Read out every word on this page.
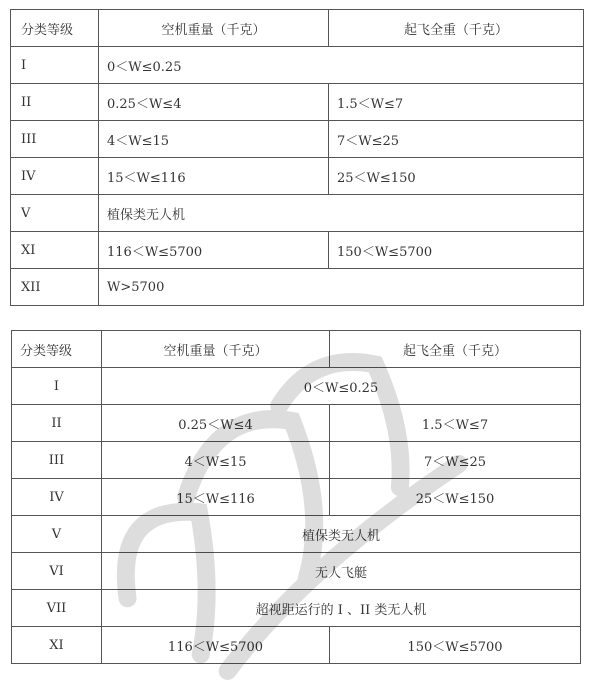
分类等级	空机重量（千克）	起飞全重（千克）
I	0＜W≤0.25	
II	0.25＜W≤4	1.5＜W≤7
III	4＜W≤15	7＜W≤25
IV	15＜W≤116	25＜W≤150
V	植保类无人机	
XI	116＜W≤5700	150＜W≤5700
XII	W>5700	
分类等级	空机重量（千克）	起飞全重（千克）
I	0＜W≤0.25	
II	0.25＜W≤4	1.5＜W≤7
III	4＜W≤15	7＜W≤25
IV	15＜W≤116	25＜W≤150
V	植保类无人机	
VI	无人飞艇	
VII	超视距运行的 I 、II 类无人机	
XI	116＜W≤5700	150＜W≤5700
